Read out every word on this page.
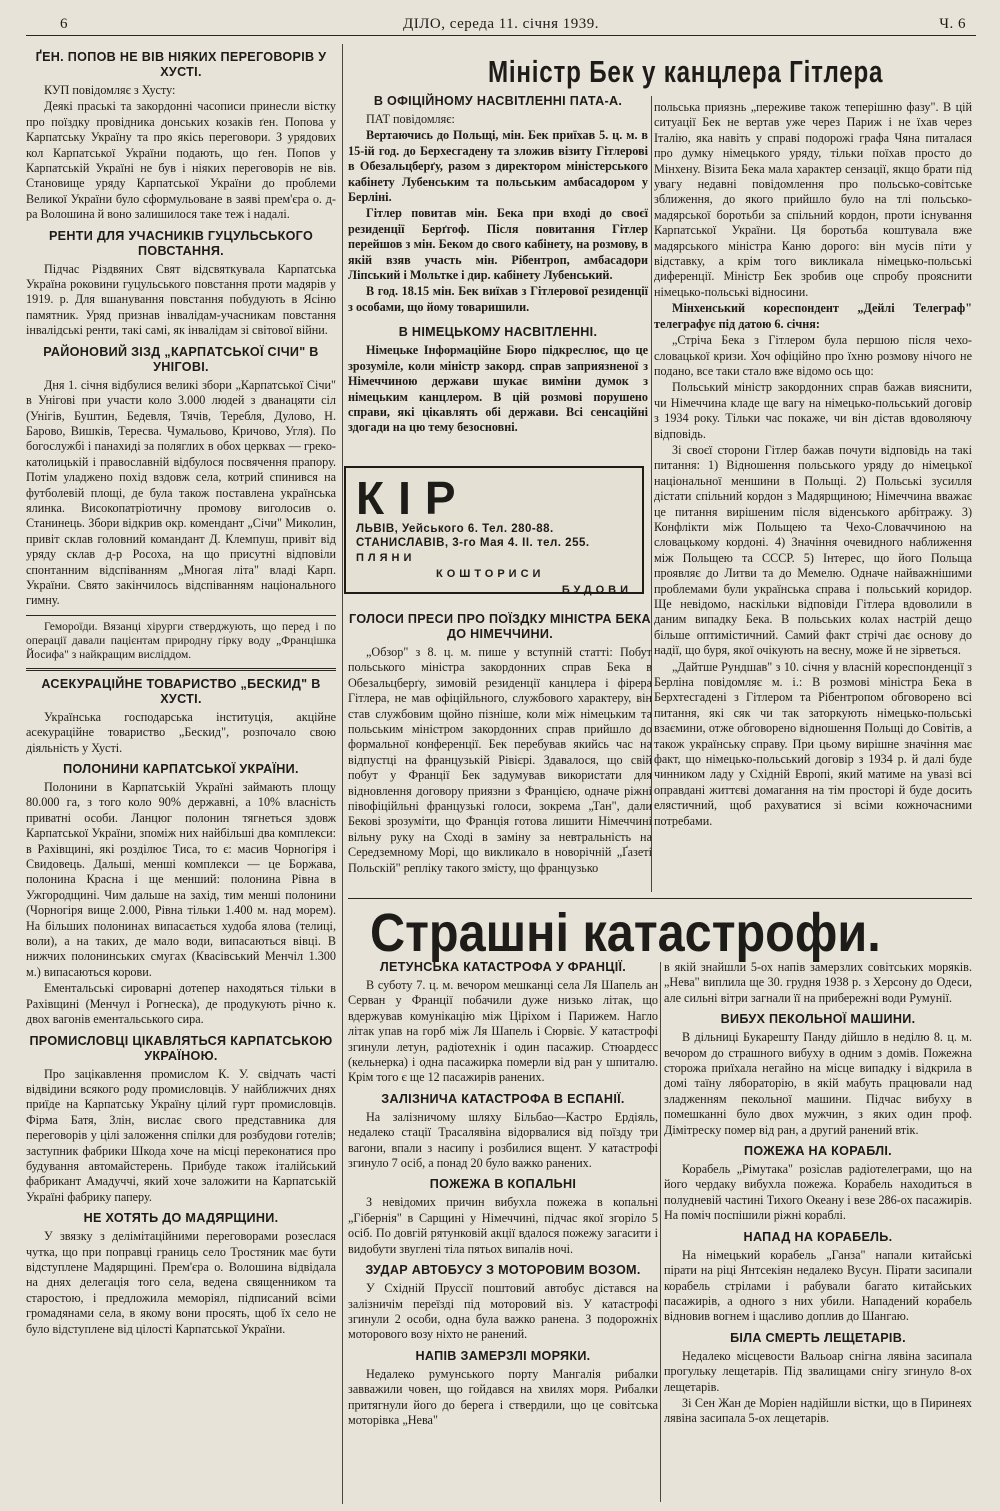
6	ДІЛО, середа 11. січня 1939.	Ч. 6
ҐЕН. ПОПОВ НЕ ВІВ НІЯКИХ ПЕРЕГОВОРІВ У ХУСТІ.

КУП повідомляє з Хусту:

Деякі праські та закордонні часописи принесли вістку про поїздку провідника донських козаків ґен. Попова у Карпатську Україну та про якісь переговори. З урядових кол Карпатської України подають, що ґен. Попов у Карпатській Україні не був і ніяких переговорів не вів. Становище уряду Карпатської України до проблеми Великої України було сформульоване в заяві прем'єра о. д-ра Волошина й воно залишилося таке теж і надалі.

РЕНТИ ДЛЯ УЧАСНИКІВ ГУЦУЛЬСЬКОГО ПОВСТАННЯ.

Підчас Різдвяних Свят відсвяткувала Карпатська Україна роковини гуцульського повстання проти мадярів у 1919. р. Для вшанування повстання побудують в Ясіню памятник. Уряд признав інвалідам-учасникам повстання інвалідські ренти, такі самі, як інвалідам зі світової війни.

РАЙОНОВИЙ ЗІЗД „КАРПАТСЬКОЇ СІЧИ" В УНІГОВІ.

Дня 1. січня відбулися великі збори „Карпатської Січи" в Унігові при участи коло 3.000 людей з дванацяти сіл (Унігів, Буштин, Бедевля, Тячів, Теребля, Дулово, Н. Барово, Вишків, Тересва. Чумальово, Кричово, Угля). По богослужбі і панахиді за поляглих в обох церквах — греко-католицькій і православній відбулося посвячення прапору. Потім уладжено похід вздовж села, котрий спинився на футболевій площі, де була також поставлена українська ялинка. Високопатріотичну промову виголосив о. Станинець. Збори відкрив окр. комендант „Січи" Миколин, привіт склав головний командант Д. Клемпуш, привіт від уряду склав д-р Росоха, на що присутні відповіли спонтанним відспіванням „Многая літа" владі Карп. України. Свято закінчилось відспіванням національного гимну.

Гемороїди. Вязанці хірурги стверджують, що перед і по операції давали пацієнтам природну гірку воду „Францішка Йосифа" з найкращим висліддом.

АСЕКУРАЦІЙНЕ ТОВАРИСТВО „БЕСКИД" В ХУСТІ.

Українська господарська інституція, акційне асекураційне товариство „Бескид", розпочало свою діяльність у Хусті.

ПОЛОНИНИ КАРПАТСЬКОЇ УКРАЇНИ.

Полонини в Карпатській Україні займають площу 80.000 га, з того коло 90% державні, а 10% власність приватні особи. Ланцюг полонин тягнеться здовж Карпатської України, зпоміж них найбільші два комплекси: в Рахівщині, які розділює Тиса, то є: масив Чорногіря і Свидовець. Дальші, менші комплекси — це Боржава, полонина Красна і ще менший: полонина Рівна в Ужгородщині. Чим дальше на захід, тим менші полонини (Чорногіря вище 2.000, Рівна тільки 1.400 м. над морем). На більших полонинах випасається худоба ялова (телиці, воли), а на таких, де мало води, випасаються вівці. В нижчих полонинських смугах (Квасівський Менчіл 1.300 м.) випасаються корови.

Ементальські сироварні дотепер находяться тільки в Рахівщині (Менчул і Рогнеска), де продукують річно к. двох вагонів ементальського сира.

ПРОМИСЛОВЦІ ЦІКАВЛЯТЬСЯ КАРПАТСЬКОЮ УКРАЇНОЮ.

Про зацікавлення промислом К. У. свідчать часті відвідини всякого роду промисловців. У найближчих днях приїде на Карпатську Україну цілий гурт промисловців. Фірма Батя, Злін, вислає свого представника для переговорів у цілі заложення спілки для розбудови готелів; заступник фабрики Шкода хоче на місці переконатися про будування автомайстерень. Прибуде також італійський фабрикант Амадуччі, який хоче заложити на Карпатській Україні фабрику паперу.

НЕ ХОТЯТЬ ДО МАДЯРЩИНИ.

У звязку з делімітаційними переговорами розеслася чутка, що при поправці границь село Тростяник має бути відступлене Мадярщині. Прем'єра о. Волошина відвідала на днях делегація того села, ведена священником та старостою, і предложила меморіял, підписаний всіми громадянами села, в якому вони просять, щоб їх село не було відступлене від цілості Карпатської України.

Міністр Бек у канцлера Гітлера
В ОФІЦІЙНОМУ НАСВІТЛЕННІ ПАТА-А.

ПАТ повідомляє:

Вертаючись до Польщі, мін. Бек приїхав 5. ц. м. в 15-ій год. до Берхесгадену та зложив візиту Гітлерові в Обезальцберґу, разом з директором міністерського кабінету Лубенським та польським амбасадором у Берліні.

Гітлер повитав мін. Бека при вході до своєї резиденції Берґгоф. Після повитання Гітлер перейшов з мін. Беком до свого кабінету, на розмову, в якій взяв участь мін. Рібентроп, амбасадори Ліпський і Мольтке і дир. кабінету Лубенський.

В год. 18.15 мін. Бек виїхав з Гітлерової резиденції з особами, що йому товаришили.

В НІМЕЦЬКОМУ НАСВІТЛЕННІ.

Німецьке Інформаційне Бюро підкреслює, що це зрозуміле, коли міністр закорд. справ заприязненої з Німеччиною держави шукає виміни думок з німецьким канцлером. В цій розмові порушено справи, які цікавлять обі держави. Всі сенсаційні здогади на цю тему безосновні.

польська приязнь „переживе також теперішню фазу". В цій ситуації Бек не вертав уже через Париж і не їхав через Італію, яка навіть у справі подорожі графа Чяна питалася про думку німецького уряду, тільки поїхав просто до Мінхену. Візита Бека мала характер сензації, якщо брати під увагу недавні повідомлення про польсько-совітське зближення, до якого прийшло було на тлі польсько-мадярської боротьби за спільний кордон, проти існування Карпатської України. Ця боротьба коштувала вже мадярського міністра Каню дорого: він мусів піти у відставку, а крім того викликала німецько-польські диференції. Міністр Бек зробив оце спробу прояснити німецько-польські відносини.

Мінхенський кореспондент „Дейлі Телеграф" телеграфує під датою 6. січня:

„Стріча Бека з Гітлером була першою після чехо-словацької кризи. Хоч офіційно про їхню розмову нічого не подано, все таки стало вже відомо ось що:

Польський міністр закордонних справ бажав вияснити, чи Німеччина кладе ще вагу на німецько-польський договір з 1934 року. Тільки час покаже, чи він дістав вдоволяючу відповідь.

Зі своєї сторони Гітлер бажав почути відповідь на такі питання: 1) Відношення польського уряду до німецької національної меншини в Польщі. 2) Польські зусилля дістати спільний кордон з Мадярщиною; Німеччина вважає це питання вирішеним після віденського арбітражу. 3) Конфлікти між Польщею та Чехо-Словаччиною на словацькому кордоні. 4) Значіння очевидного наближення між Польщею та СССР. 5) Інтерес, що його Польща проявляє до Литви та до Мемелю. Одначе найважнішими проблемами були українська справа і польський коридор. Ще невідомо, наскільки відповіди Гітлера вдоволили в даним випадку Бека. В польських колах настрій дещо більше оптимістичний. Самий факт стрічі дає основу до надії, що буря, якої очікують на весну, може й не зірветься.

„Дайтше Рундшав" з 10. січня у власній кореспонденції з Берліна повідомляє м. і.: В розмові міністра Бека в Берхтесгадені з Гітлером та Рібентропом обговорено всі питання, які сяк чи так заторкують німецько-польські взаємини, отже обговорено відношення Польщі до Совітів, а також українську справу. При цьому вирішне значіння має факт, що німецько-польський договір з 1934 р. й далі буде чинником ладу у Східній Европі, який матиме на увазі всі оправдані життєві домагання на тім просторі й буде досить елястичний, щоб рахуватися зі всіми кожночасними потребами.

КІР
ЛЬВІВ, Уейського 6. Тел. 280-88.
СТАНИСЛАВІВ, 3-го Мая 4. II. тел. 255.
ПЛЯНИ
КОШТОРИСИ
БУДОВИ
ГОЛОСИ ПРЕСИ ПРО ПОЇЗДКУ МІНІСТРА БЕКА ДО НІМЕЧЧИНИ.

„Обзор" з 8. ц. м. пише у вступній статті: Побут польського міністра закордонних справ Бека в Обезальцберґу, зимовій резиденції канцлера і фірера Гітлера, не мав офіційльного, службового характеру, він став службовим щойно пізніше, коли між німецьким та польським міністром закордонних справ прийшло до формальної конференції. Бек перебував якийсь час на відпустці на французькій Рівієрі. Здавалося, що свій побут у Франції Бек задумував використати для відновлення договору приязни з Францією, одначе ріжні півофіційльні французькі голоси, зокрема „Тан", дали Бекові зрозуміти, що Франція готова лишити Німеччині вільну руку на Сході в заміну за невтральність на Середземному Морі, що викликало в новорічній „Ґазеті Польскій" репліку такого змісту, що французько

Страшні катастрофи.
ЛЕТУНСЬКА КАТАСТРОФА У ФРАНЦІЇ.

В суботу 7. ц. м. вечором мешканці села Ля Шапель ан Серван у Франції побачили дуже низько літак, що вдержував комунікацію між Ціріхом і Парижем. Нагло літак упав на горб між Ля Шапель і Сюрвіє. У катастрофі згинули летун, радіотехнік і один пасажир. Стюардесс (кельнерка) і одна пасажирка померли від ран у шпиталю. Крім того є ще 12 пасажирів ранених.

ЗАЛІЗНИЧА КАТАСТРОФА В ЕСПАНІЇ.

На залізничому шляху Більбао—Кастро Ердіяль, недалеко стації Трасалявіна відорвалися від поїзду три вагони, впали з насипу і розбилися вщент. У катастрофі згинуло 7 осіб, а понад 20 було важко ранених.

ПОЖЕЖА В КОПАЛЬНІ

З невідомих причин вибухла пожежа в копальні „Гібернія" в Сарщині у Німеччині, підчас якої згоріло 5 осіб. По довгій рятунковій акції вдалося пожежу загасити і видобути звуглені тіла пятьох випалів ночі.

ЗУДАР АВТОБУСУ З МОТОРОВИМ ВОЗОМ.

У Східній Пруссії поштовий автобус дістався на залізничім переїзді під моторовий віз. У катастрофі згинули 2 особи, одна була важко ранена. З подорожніх моторового возу ніхто не ранений.

НАПІВ ЗАМЕРЗЛІ МОРЯКИ.

Недалеко румунського порту Мангалія рибалки завважили човен, що гойдався на хвилях моря. Рибалки притягнули його до берега і ствердили, що це совітська моторівка „Нева"

в якій знайшли 5-ох напів замерзлих совітських моряків. „Нева" виплила ще 30. грудня 1938 р. з Херсону до Одеси, але сильні вітри загнали її на прибережні води Румунії.

ВИБУХ ПЕКОЛЬНОЇ МАШИНИ.

В дільниці Букарешту Панду дійшло в неділю 8. ц. м. вечором до страшного вибуху в одним з домів. Пожежна сторожа приїхала негайно на місце випадку і відкрила в домі таїну лябораторію, в якій мабуть працювали над зладженням пекольної машини. Підчас вибуху в помешканні було двох мужчин, з яких один проф. Дімітреску помер від ран, а другий ранений втік.

ПОЖЕЖА НА КОРАБЛІ.

Корабель „Рімутака" розіслав радіотелеграми, що на його чердаку вибухла пожежа. Корабель находиться в полудневій частині Тихого Океану і везе 286-ох пасажирів. На поміч поспішили ріжні кораблі.

НАПАД НА КОРАБЕЛЬ.

На німецький корабель „Ганза" напали китайські пірати на ріці Янтсекіян недалеко Вусун. Пірати засипали корабель стрілами і рабували багато китайських пасажирів, а одного з них убили. Нападений корабель відновив вогнем і щасливо доплив до Шангаю.

БІЛА СМЕРТЬ ЛЕЩЕТАРІВ.

Недалеко місцевости Вальоар снігна лявіна засипала прогульку лещетарів. Під звалищами снігу згинуло 8-ох лещетарів.

Зі Сен Жан де Моріен надійшли вістки, що в Пиринеях лявіна засипала 5-ох лещетарів.
